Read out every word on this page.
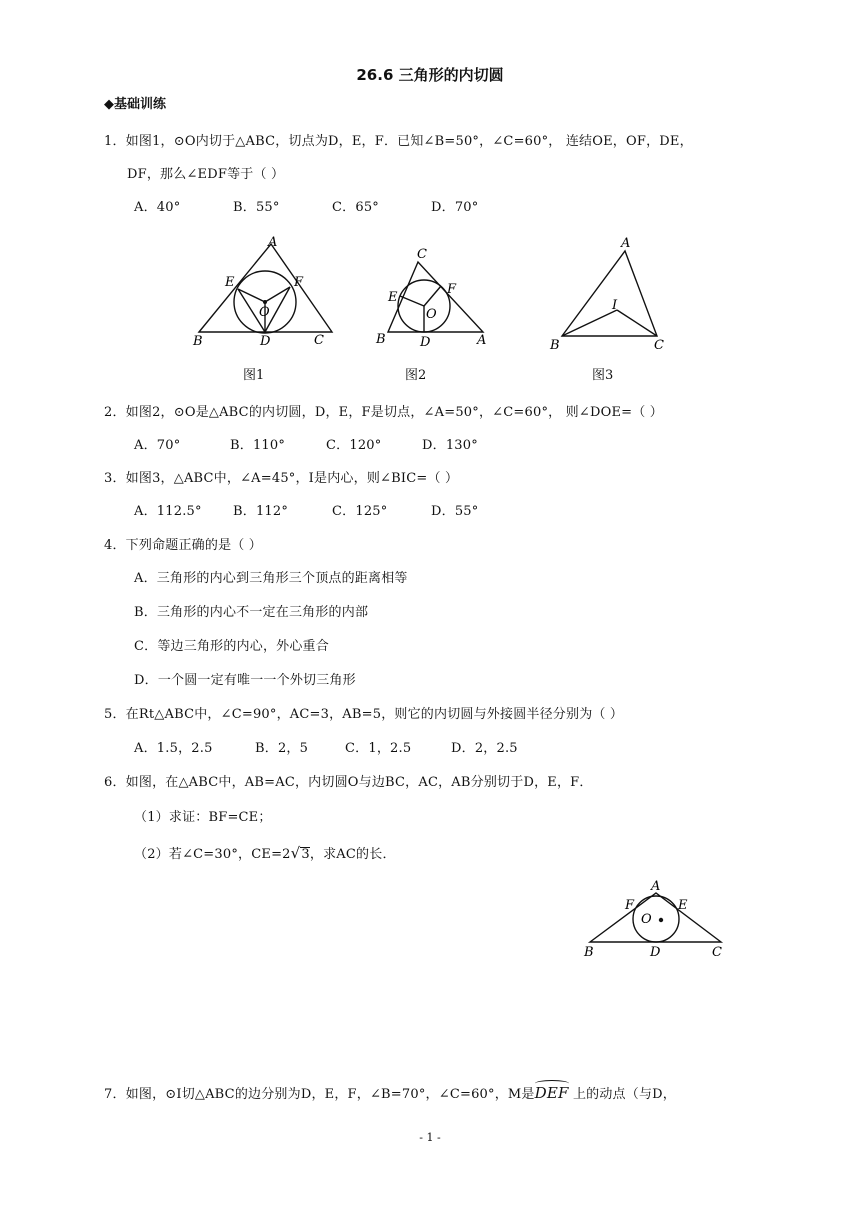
26.6 三角形的内切圆
◆基础训练
1．如图1，⊙O内切于△ABC，切点为D，E，F．已知∠B=50°，∠C=60°， 连结OE，OF，DE，
DF，那么∠EDF等于（ ）
A．40°	B．55°	C．65°	D．70°
A
B	C
D
E	F
O
C
B	A
D
E
F
O
A
B	C
I
图1	图2	图3
2．如图2，⊙O是△ABC的内切圆，D，E，F是切点，∠A=50°，∠C=60°， 则∠DOE=（ ）
A．70°	B．110°	C．120°	D．130°
3．如图3，△ABC中，∠A=45°，I是内心，则∠BIC=（ ）
A．112.5° B．112°	C．125°	D．55°
4．下列命题正确的是（ ）
A．三角形的内心到三角形三个顶点的距离相等
B．三角形的内心不一定在三角形的内部
C．等边三角形的内心，外心重合
D．一个圆一定有唯一一个外切三角形
5．在Rt△ABC中，∠C=90°，AC=3，AB=5，则它的内切圆与外接圆半径分别为（ ）
A．1.5，2.5	B．2，5	C．1，2.5	D．2，2.5
6．如图，在△ABC中，AB=AC，内切圆O与边BC，AC，AB分别切于D，E，F．
（1）求证：BF=CE；
（2）若∠C=30°，CE=2√3，求AC的长．
A
B	C
D
E
F
O
7．如图，⊙I切△ABC的边分别为D，E，F，∠B=70°，∠C=60°，M是DEF 上的动点（与D，
- 1 -
